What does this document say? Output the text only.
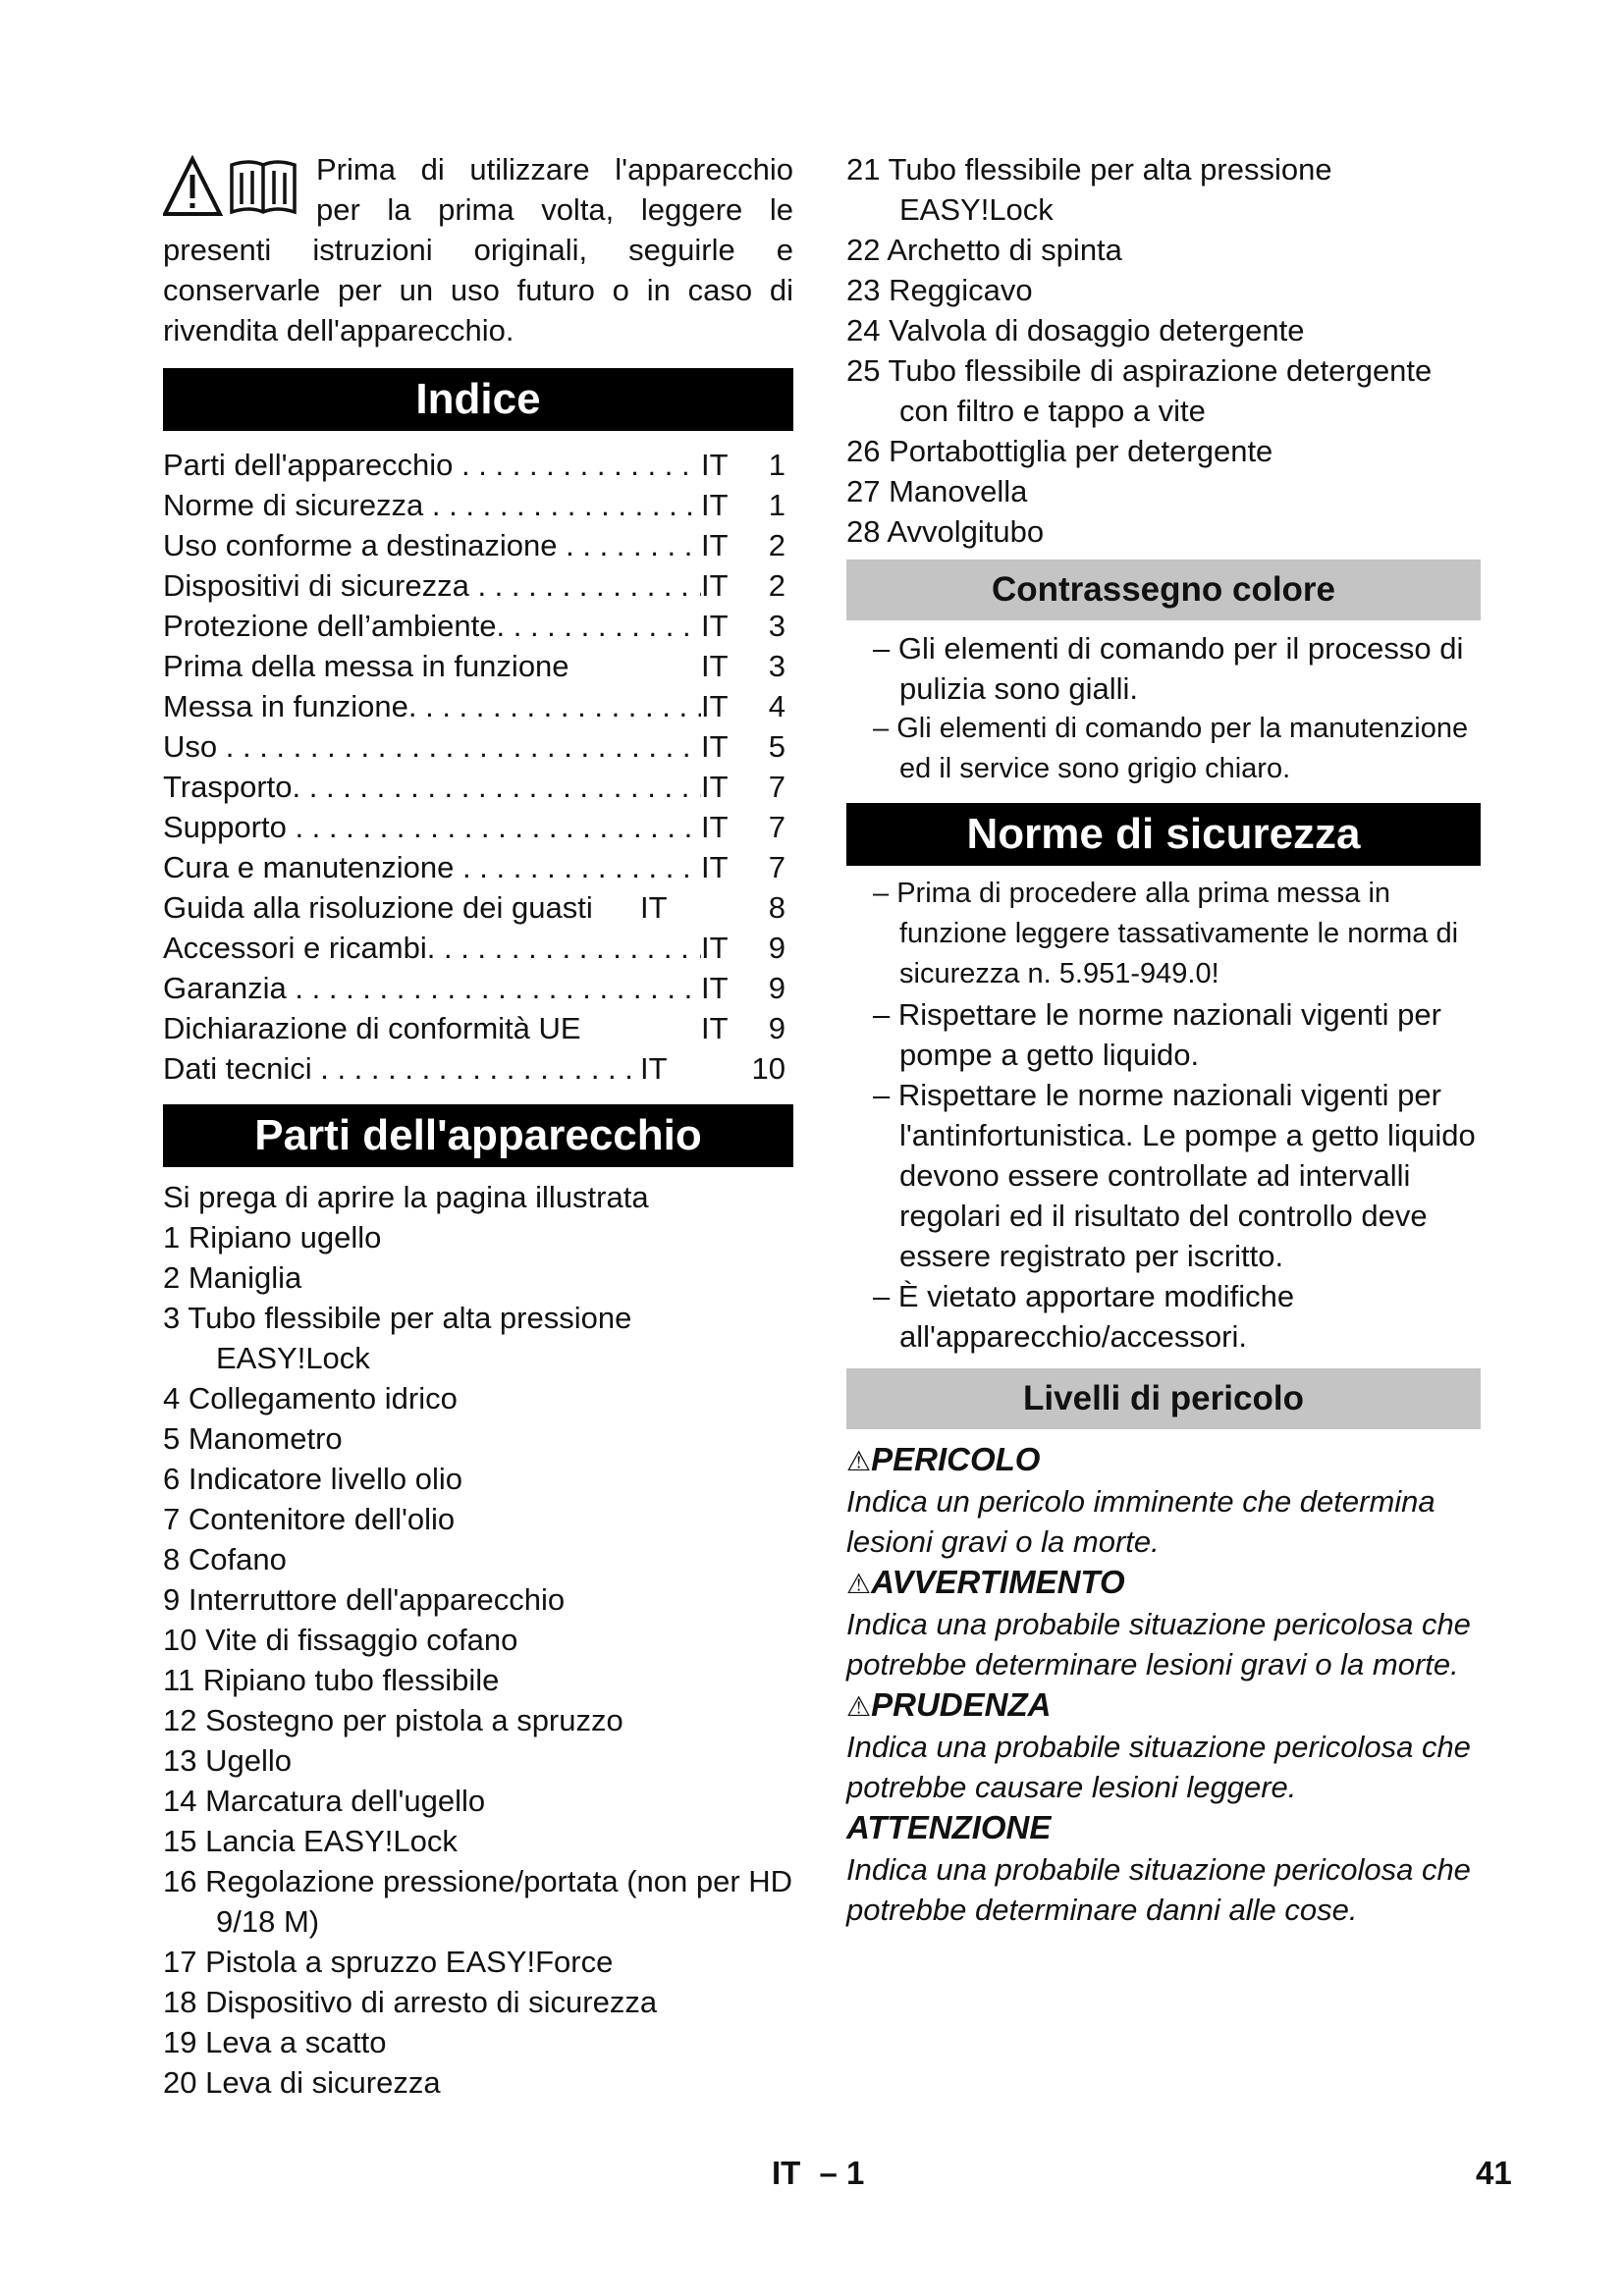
Prima di utilizzare l'apparecchio per la prima volta, leggere le presenti istruzioni originali, seguirle e conservarle per un uso futuro o in caso di rivendita dell'apparecchio.

Indice
Parti dell'apparecchio . . .	IT	1
Norme di sicurezza . . .	IT	1
Uso conforme a destinazione . . .	IT	2
Dispositivi di sicurezza . . .	IT	2
Protezione dell’ambiente. . . .	IT	3
Prima della messa in funzione	IT	3
Messa in funzione. . . .	IT	4
Uso . . .	IT	5
Trasporto. . . .	IT	7
Supporto . . .	IT	7
Cura e manutenzione . . .	IT	7
Guida alla risoluzione dei guasti IT	8
Accessori e ricambi. . . .	IT	9
Garanzia . . .	IT	9
Dichiarazione di conformità UE	IT	9
Dati tecnici . . .	IT	10
Parti dell'apparecchio

Si prega di aprire la pagina illustrata

1 Ripiano ugello

2 Maniglia

3 Tubo flessibile per alta pressione EASY!Lock

4 Collegamento idrico

5 Manometro

6 Indicatore livello olio

7 Contenitore dell'olio

8 Cofano

9 Interruttore dell'apparecchio

10 Vite di fissaggio cofano

11 Ripiano tubo flessibile

12 Sostegno per pistola a spruzzo

13 Ugello

14 Marcatura dell'ugello

15 Lancia EASY!Lock

16 Regolazione pressione/portata (non per HD 9/18 M)

17 Pistola a spruzzo EASY!Force

18 Dispositivo di arresto di sicurezza

19 Leva a scatto

20 Leva di sicurezza

21 Tubo flessibile per alta pressione EASY!Lock

22 Archetto di spinta

23 Reggicavo

24 Valvola di dosaggio detergente

25 Tubo flessibile di aspirazione detergente con filtro e tappo a vite

26 Portabottiglia per detergente

27 Manovella

28 Avvolgitubo

Contrassegno colore

– Gli elementi di comando per il processo di pulizia sono gialli.

– Gli elementi di comando per la manutenzione ed il service sono grigio chiaro.

Norme di sicurezza

– Prima di procedere alla prima messa in funzione leggere tassativamente le norma di sicurezza n. 5.951-949.0!

– Rispettare le norme nazionali vigenti per pompe a getto liquido.

– Rispettare le norme nazionali vigenti per l'antinfortunistica. Le pompe a getto liquido devono essere controllate ad intervalli regolari ed il risultato del controllo deve essere registrato per iscritto.

– È vietato apportare modifiche all'apparecchio/accessori.

Livelli di pericolo

⚠PERICOLO

Indica un pericolo imminente che determina lesioni gravi o la morte.

⚠AVVERTIMENTO

Indica una probabile situazione pericolosa che potrebbe determinare lesioni gravi o la morte.

⚠PRUDENZA

Indica una probabile situazione pericolosa che potrebbe causare lesioni leggere.

ATTENZIONE

Indica una probabile situazione pericolosa che potrebbe determinare danni alle cose.

IT – 1	41
